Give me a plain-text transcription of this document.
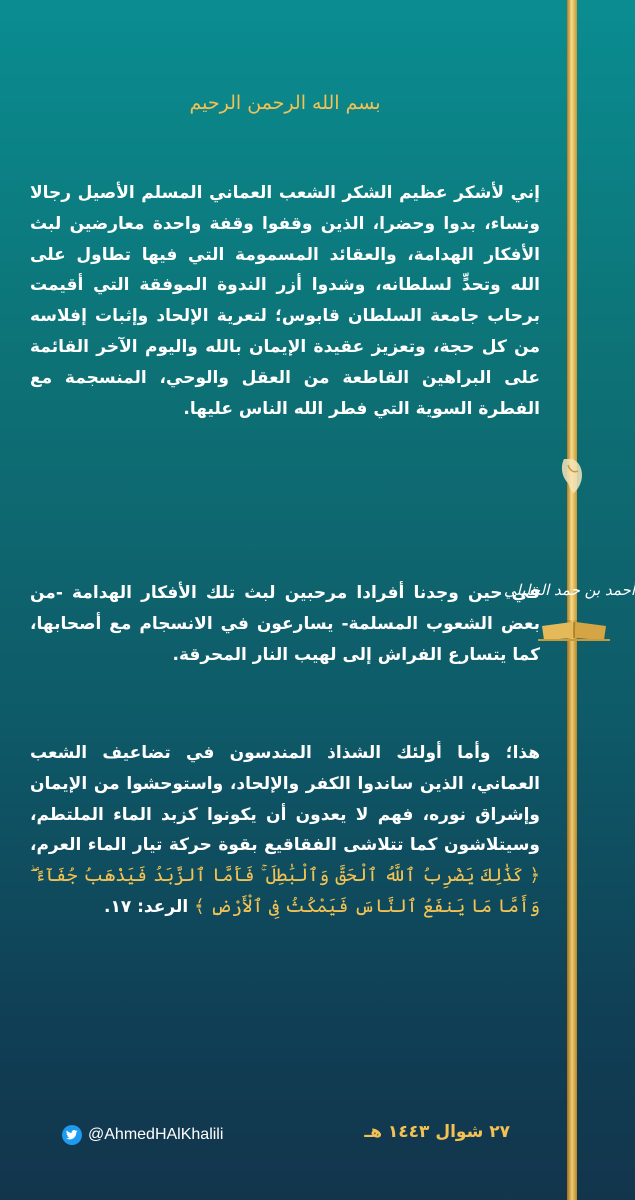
أحمد بن حمد الخليلي
بسم الله الرحمن الرحيم

إني لأشكر عظيم الشكر الشعب العماني المسلم الأصيل رجالا ونساء، بدوا وحضرا، الذين وقفوا وقفة واحدة معارضين لبث الأفكار الهدامة، والعقائد المسمومة التي فيها تطاول على الله وتحدٍّ لسلطانه، وشدوا أزر الندوة الموفقة التي أقيمت برحاب جامعة السلطان قابوس؛ لتعرية الإلحاد وإثبات إفلاسه من كل حجة، وتعزيز عقيدة الإيمان بالله واليوم الآخر القائمة على البراهين القاطعة من العقل والوحي، المنسجمة مع الفطرة السوية التي فطر الله الناس عليها.

في حين وجدنا أفرادا مرحبين لبث تلك الأفكار الهدامة -من بعض الشعوب المسلمة- يسارعون في الانسجام مع أصحابها، كما يتسارع الفراش إلى لهيب النار المحرقة.

هذا؛ وأما أولئك الشذاذ المندسون في تضاعيف الشعب العماني، الذين ساندوا الكفر والإلحاد، واستوحشوا من الإيمان وإشراق نوره، فهم لا يعدون أن يكونوا كزبد الماء الملتطم، وسيتلاشون كما تتلاشى الفقاقيع بقوة حركة تيار الماء العرم، ﴿ كَذَٰلِكَ يَضْرِبُ ٱللَّهُ ٱلْحَقَّ وَٱلْبَٰطِلَ ۚ فَأَمَّا ٱلزَّبَدُ فَيَذْهَبُ جُفَآءً ۖ وَأَمَّا مَا يَنفَعُ ٱلنَّاسَ فَيَمْكُثُ فِى ٱلْأَرْضِ ﴾ الرعد: ١٧.

٢٧ شوال ١٤٤٣ هـ
@AhmedHAlKhalili
